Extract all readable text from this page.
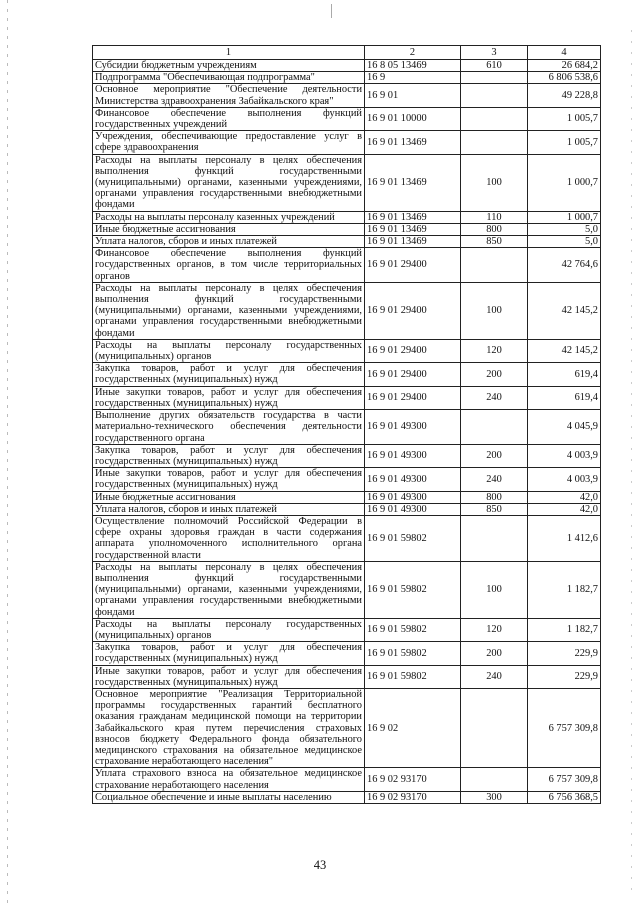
1	2	3	4
Субсидии бюджетным учреждениям	16 8 05 13469	610	26 684,2
Подпрограмма "Обеспечивающая подпрограмма"	16 9		6 806 538,6
Основное мероприятие "Обеспечение деятельности Министерства здравоохранения Забайкальского края"	16 9 01		49 228,8
Финансовое обеспечение выполнения функций государственных учреждений	16 9 01 10000		1 005,7
Учреждения, обеспечивающие предоставление услуг в сфере здравоохранения	16 9 01 13469		1 005,7
Расходы на выплаты персоналу в целях обеспечения выполнения функций государственными (муниципальными) органами, казенными учреждениями, органами управления государственными внебюджетными фондами	16 9 01 13469	100	1 000,7
Расходы на выплаты персоналу казенных учреждений	16 9 01 13469	110	1 000,7
Иные бюджетные ассигнования	16 9 01 13469	800	5,0
Уплата налогов, сборов и иных платежей	16 9 01 13469	850	5,0
Финансовое обеспечение выполнения функций государственных органов, в том числе территориальных органов	16 9 01 29400		42 764,6
Расходы на выплаты персоналу в целях обеспечения выполнения функций государственными (муниципальными) органами, казенными учреждениями, органами управления государственными внебюджетными фондами	16 9 01 29400	100	42 145,2
Расходы на выплаты персоналу государственных (муниципальных) органов	16 9 01 29400	120	42 145,2
Закупка товаров, работ и услуг для обеспечения государственных (муниципальных) нужд	16 9 01 29400	200	619,4
Иные закупки товаров, работ и услуг для обеспечения государственных (муниципальных) нужд	16 9 01 29400	240	619,4
Выполнение других обязательств государства в части материально-технического обеспечения деятельности государственного органа	16 9 01 49300		4 045,9
Закупка товаров, работ и услуг для обеспечения государственных (муниципальных) нужд	16 9 01 49300	200	4 003,9
Иные закупки товаров, работ и услуг для обеспечения государственных (муниципальных) нужд	16 9 01 49300	240	4 003,9
Иные бюджетные ассигнования	16 9 01 49300	800	42,0
Уплата налогов, сборов и иных платежей	16 9 01 49300	850	42,0
Осуществление полномочий Российской Федерации в сфере охраны здоровья граждан в части содержания аппарата уполномоченного исполнительного органа государственной власти	16 9 01 59802		1 412,6
Расходы на выплаты персоналу в целях обеспечения выполнения функций государственными (муниципальными) органами, казенными учреждениями, органами управления государственными внебюджетными фондами	16 9 01 59802	100	1 182,7
Расходы на выплаты персоналу государственных (муниципальных) органов	16 9 01 59802	120	1 182,7
Закупка товаров, работ и услуг для обеспечения государственных (муниципальных) нужд	16 9 01 59802	200	229,9
Иные закупки товаров, работ и услуг для обеспечения государственных (муниципальных) нужд	16 9 01 59802	240	229,9
Основное мероприятие "Реализация Территориальной программы государственных гарантий бесплатного оказания гражданам медицинской помощи на территории Забайкальского края путем перечисления страховых взносов бюджету Федерального фонда обязательного медицинского страхования на обязательное медицинское страхование неработающего населения"	16 9 02		6 757 309,8
Уплата страхового взноса на обязательное медицинское страхование неработающего населения	16 9 02 93170		6 757 309,8
Социальное обеспечение и иные выплаты населению	16 9 02 93170	300	6 756 368,5
43
